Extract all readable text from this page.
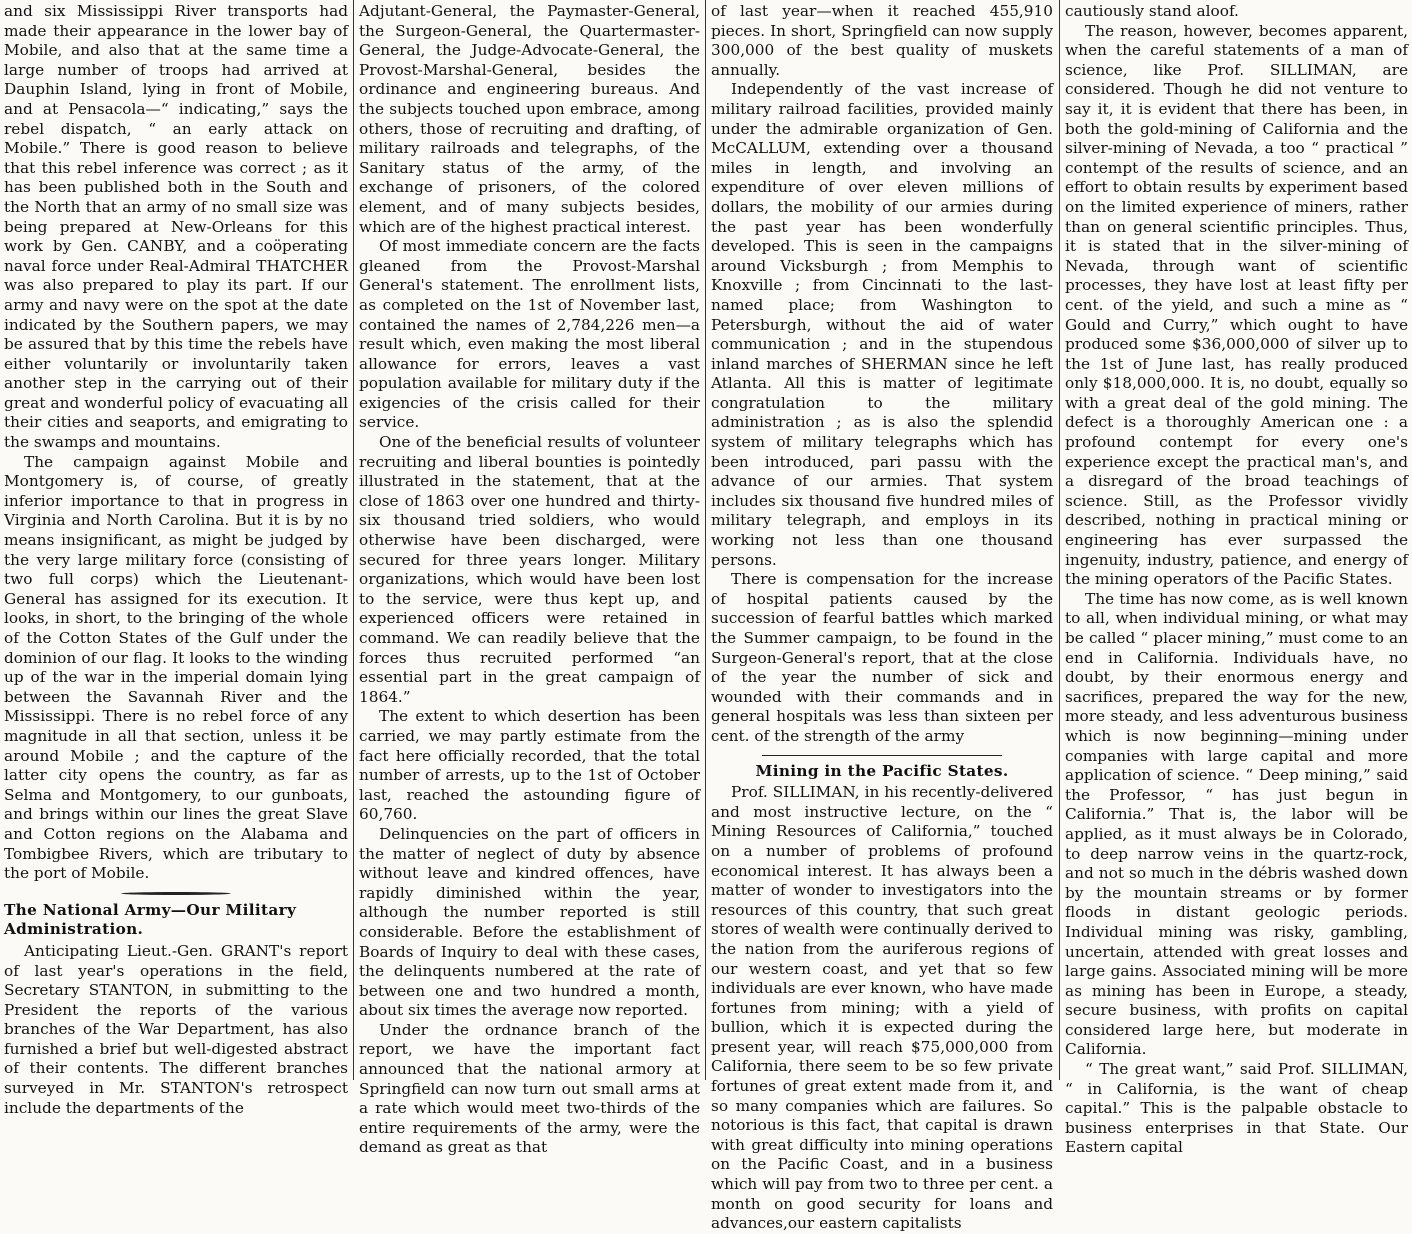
and six Mississippi River transports had made their appearance in the lower bay of Mobile, and also that at the same time a large number of troops had arrived at Dauphin Island, lying in front of Mobile, and at Pensacola—“ indicating,” says the rebel dispatch, “ an early attack on Mobile.” There is good reason to believe that this rebel inference was correct ; as it has been published both in the South and the North that an army of no small size was being prepared at New-Orleans for this work by Gen. CANBY, and a coöperating naval force under Real-Admiral THATCHER was also prepared to play its part. If our army and navy were on the spot at the date indicated by the Southern papers, we may be assured that by this time the rebels have either voluntarily or involuntarily taken another step in the carrying out of their great and wonderful policy of evacuating all their cities and seaports, and emigrating to the swamps and mountains.

The campaign against Mobile and Montgomery is, of course, of greatly inferior importance to that in progress in Virginia and North Carolina. But it is by no means insignificant, as might be judged by the very large military force (consisting of two full corps) which the Lieutenant-General has assigned for its execution. It looks, in short, to the bringing of the whole of the Cotton States of the Gulf under the dominion of our flag. It looks to the winding up of the war in the imperial domain lying between the Savannah River and the Mississippi. There is no rebel force of any magnitude in all that section, unless it be around Mobile ; and the capture of the latter city opens the country, as far as Selma and Montgomery, to our gunboats, and brings within our lines the great Slave and Cotton regions on the Alabama and Tombigbee Rivers, which are tributary to the port of Mobile.

The National Army—Our Military Administration.

Anticipating Lieut.-Gen. GRANT's report of last year's operations in the field, Secretary STANTON, in submitting to the President the reports of the various branches of the War Department, has also furnished a brief but well-digested abstract of their contents. The different branches surveyed in Mr. STANTON's retrospect include the departments of the

Adjutant-General, the Paymaster-General, the Surgeon-General, the Quartermaster-General, the Judge-Advocate-General, the Provost-Marshal-General, besides the ordinance and engineering bureaus. And the subjects touched upon embrace, among others, those of recruiting and drafting, of military railroads and telegraphs, of the Sanitary status of the army, of the exchange of prisoners, of the colored element, and of many subjects besides, which are of the highest practical interest.

Of most immediate concern are the facts gleaned from the Provost-Marshal General's statement. The enrollment lists, as completed on the 1st of November last, contained the names of 2,784,226 men—a result which, even making the most liberal allowance for errors, leaves a vast population available for military duty if the exigencies of the crisis called for their service.

One of the beneficial results of volunteer recruiting and liberal bounties is pointedly illustrated in the statement, that at the close of 1863 over one hundred and thirty-six thousand tried soldiers, who would otherwise have been discharged, were secured for three years longer. Military organizations, which would have been lost to the service, were thus kept up, and experienced officers were retained in command. We can readily believe that the forces thus recruited performed “an essential part in the great campaign of 1864.”

The extent to which desertion has been carried, we may partly estimate from the fact here officially recorded, that the total number of arrests, up to the 1st of October last, reached the astounding figure of 60,760.

Delinquencies on the part of officers in the matter of neglect of duty by absence without leave and kindred offences, have rapidly diminished within the year, although the number reported is still considerable. Before the establishment of Boards of Inquiry to deal with these cases, the delinquents numbered at the rate of between one and two hundred a month, about six times the average now reported.

Under the ordnance branch of the report, we have the important fact announced that the national armory at Springfield can now turn out small arms at a rate which would meet two-thirds of the entire requirements of the army, were the demand as great as that

of last year—when it reached 455,910 pieces. In short, Springfield can now supply 300,000 of the best quality of muskets annually.

Independently of the vast increase of military railroad facilities, provided mainly under the admirable organization of Gen. McCALLUM, extending over a thousand miles in length, and involving an expenditure of over eleven millions of dollars, the mobility of our armies during the past year has been wonderfully developed. This is seen in the campaigns around Vicksburgh ; from Memphis to Knoxville ; from Cincinnati to the last-named place; from Washington to Petersburgh, without the aid of water communication ; and in the stupendous inland marches of SHERMAN since he left Atlanta. All this is matter of legitimate congratulation to the military administration ; as is also the splendid system of military telegraphs which has been introduced, pari passu with the advance of our armies. That system includes six thousand five hundred miles of military telegraph, and employs in its working not less than one thousand persons.

There is compensation for the increase of hospital patients caused by the succession of fearful battles which marked the Summer campaign, to be found in the Surgeon-General's report, that at the close of the year the number of sick and wounded with their commands and in general hospitals was less than sixteen per cent. of the strength of the army

Mining in the Pacific States.

Prof. SILLIMAN, in his recently-delivered and most instructive lecture, on the “ Mining Resources of California,” touched on a number of problems of profound economical interest. It has always been a matter of wonder to investigators into the resources of this country, that such great stores of wealth were continually derived to the nation from the auriferous regions of our western coast, and yet that so few individuals are ever known, who have made fortunes from mining; with a yield of bullion, which it is expected during the present year, will reach $75,000,000 from California, there seem to be so few private fortunes of great extent made from it, and so many companies which are failures. So notorious is this fact, that capital is drawn with great difficulty into mining operations on the Pacific Coast, and in a business which will pay from two to three per cent. a month on good security for loans and advances,our eastern capitalists

cautiously stand aloof.

The reason, however, becomes apparent, when the careful statements of a man of science, like Prof. SILLIMAN, are considered. Though he did not venture to say it, it is evident that there has been, in both the gold-mining of California and the silver-mining of Nevada, a too “ practical ” contempt of the results of science, and an effort to obtain results by experiment based on the limited experience of miners, rather than on general scientific principles. Thus, it is stated that in the silver-mining of Nevada, through want of scientific processes, they have lost at least fifty per cent. of the yield, and such a mine as “ Gould and Curry,” which ought to have produced some $36,000,000 of silver up to the 1st of June last, has really produced only $18,000,000. It is, no doubt, equally so with a great deal of the gold mining. The defect is a thoroughly American one : a profound contempt for every one's experience except the practical man's, and a disregard of the broad teachings of science. Still, as the Professor vividly described, nothing in practical mining or engineering has ever surpassed the ingenuity, industry, patience, and energy of the mining operators of the Pacific States.

The time has now come, as is well known to all, when individual mining, or what may be called “ placer mining,” must come to an end in California. Individuals have, no doubt, by their enormous energy and sacrifices, prepared the way for the new, more steady, and less adventurous business which is now beginning—mining under companies with large capital and more application of science. “ Deep mining,” said the Professor, “ has just begun in California.” That is, the labor will be applied, as it must always be in Colorado, to deep narrow veins in the quartz-rock, and not so much in the débris washed down by the mountain streams or by former floods in distant geologic periods. Individual mining was risky, gambling, uncertain, attended with great losses and large gains. Associated mining will be more as mining has been in Europe, a steady, secure business, with profits on capital considered large here, but moderate in California.

“ The great want,” said Prof. SILLIMAN, “ in California, is the want of cheap capital.” This is the palpable obstacle to business enterprises in that State. Our Eastern capital
